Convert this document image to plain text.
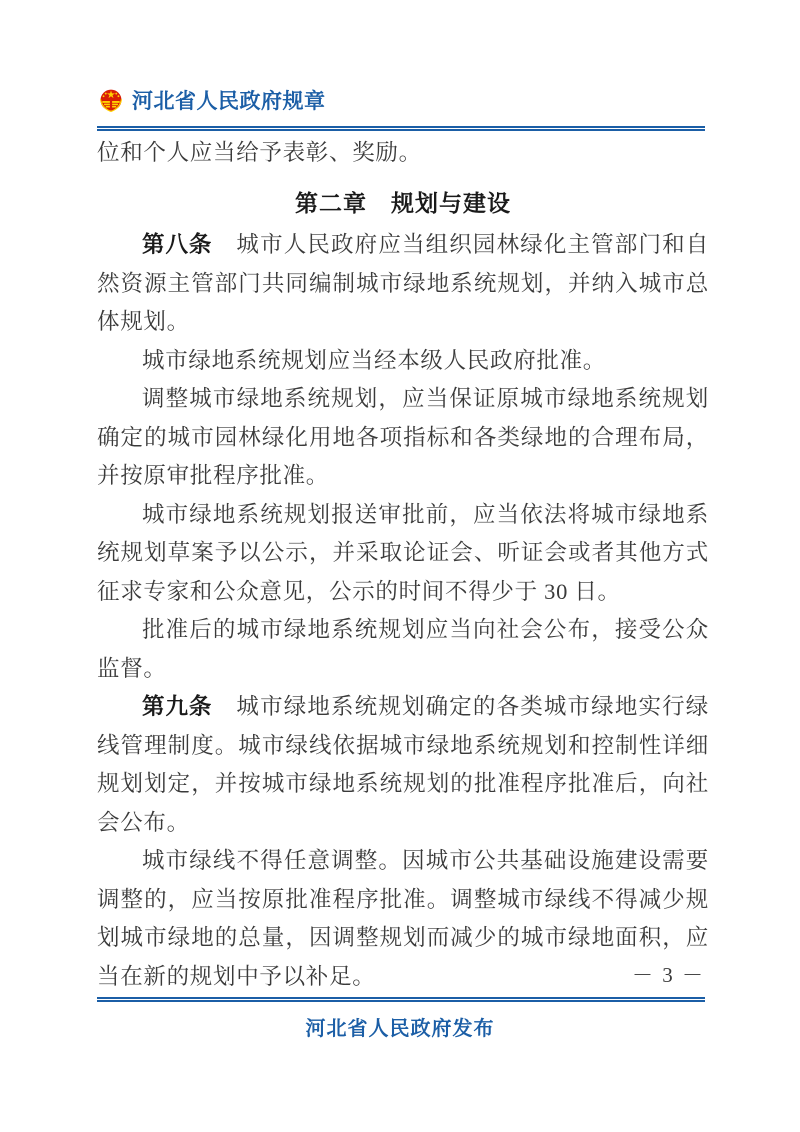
河北省人民政府规章

位和个人应当给予表彰、奖励。

第二章　规划与建设

第八条 城市人民政府应当组织园林绿化主管部门和自然资源主管部门共同编制城市绿地系统规划，并纳入城市总体规划。

城市绿地系统规划应当经本级人民政府批准。

调整城市绿地系统规划，应当保证原城市绿地系统规划确定的城市园林绿化用地各项指标和各类绿地的合理布局，并按原审批程序批准。

城市绿地系统规划报送审批前，应当依法将城市绿地系统规划草案予以公示，并采取论证会、听证会或者其他方式征求专家和公众意见，公示的时间不得少于 30 日。

批准后的城市绿地系统规划应当向社会公布，接受公众监督。

第九条 城市绿地系统规划确定的各类城市绿地实行绿线管理制度。城市绿线依据城市绿地系统规划和控制性详细规划划定，并按城市绿地系统规划的批准程序批准后，向社会公布。

城市绿线不得任意调整。因城市公共基础设施建设需要调整的，应当按原批准程序批准。调整城市绿线不得减少规划城市绿地的总量，因调整规划而减少的城市绿地面积，应当在新的规划中予以补足。	－ 3 －
河北省人民政府发布
